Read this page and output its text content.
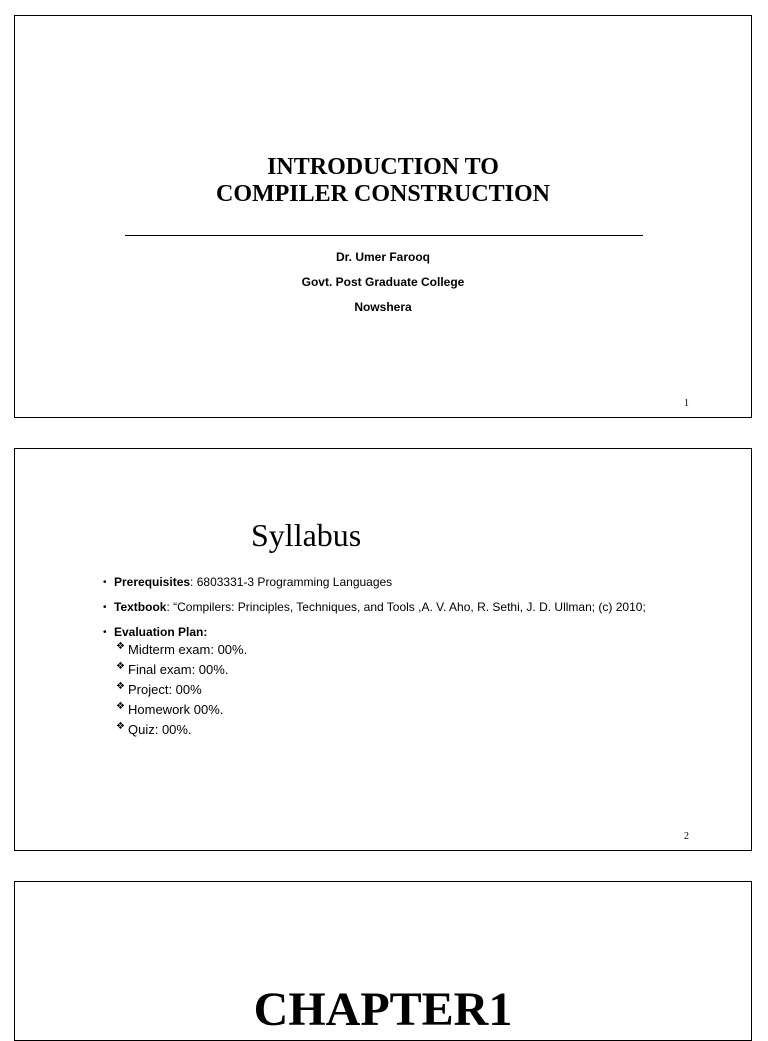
INTRODUCTION TO
COMPILER CONSTRUCTION
Dr. Umer Farooq
Govt. Post Graduate College
Nowshera
1
Syllabus
• Prerequisites: 6803331-3 Programming Languages
• Textbook: “Compilers: Principles, Techniques, and Tools ,A. V. Aho, R. Sethi, J. D. Ullman; (c) 2010;
• Evaluation Plan:
❖ Midterm exam: 00%.
❖ Final exam: 00%.
❖ Project: 00%
❖ Homework 00%.
❖ Quiz: 00%.
2
CHAPTER1
